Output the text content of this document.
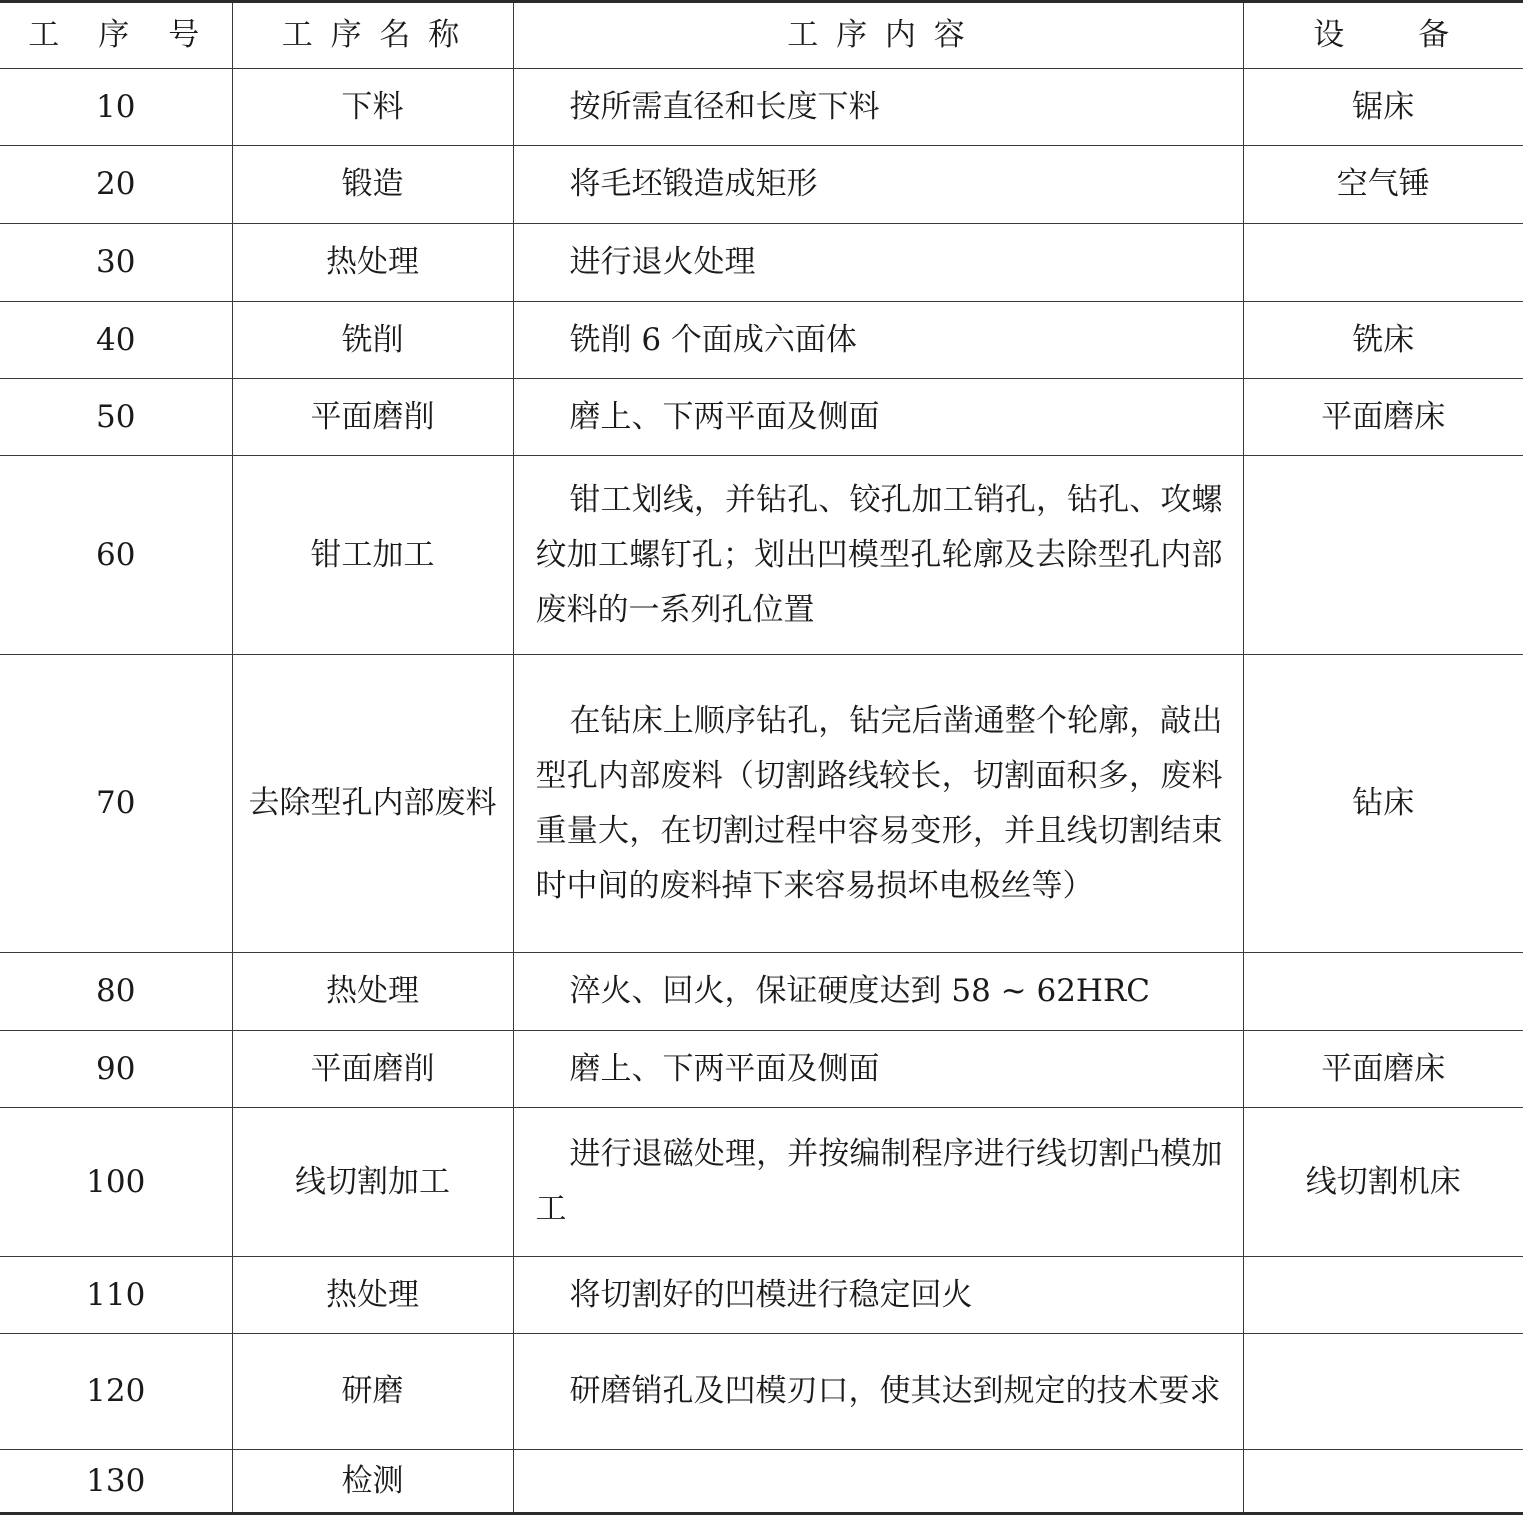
工　序　号	工 序 名 称	工 序 内 容	设　　备
10	下料	按所需直径和长度下料	锯床
20	锻造	将毛坯锻造成矩形	空气锤
30	热处理	进行退火处理	
40	铣削	铣削 6 个面成六面体	铣床
50	平面磨削	磨上、下两平面及侧面	平面磨床
60	钳工加工	钳工划线，并钻孔、铰孔加工销孔，钻孔、攻螺纹加工螺钉孔；划出凹模型孔轮廓及去除型孔内部废料的一系列孔位置	
70	去除型孔内部废料	在钻床上顺序钻孔，钻完后凿通整个轮廓，敲出型孔内部废料（切割路线较长，切割面积多，废料重量大，在切割过程中容易变形，并且线切割结束时中间的废料掉下来容易损坏电极丝等）	钻床
80	热处理	淬火、回火，保证硬度达到 58 ~ 62HRC	
90	平面磨削	磨上、下两平面及侧面	平面磨床
100	线切割加工	进行退磁处理，并按编制程序进行线切割凸模加工	线切割机床
110	热处理	将切割好的凹模进行稳定回火	
120	研磨	研磨销孔及凹模刃口，使其达到规定的技术要求	
130	检测		
